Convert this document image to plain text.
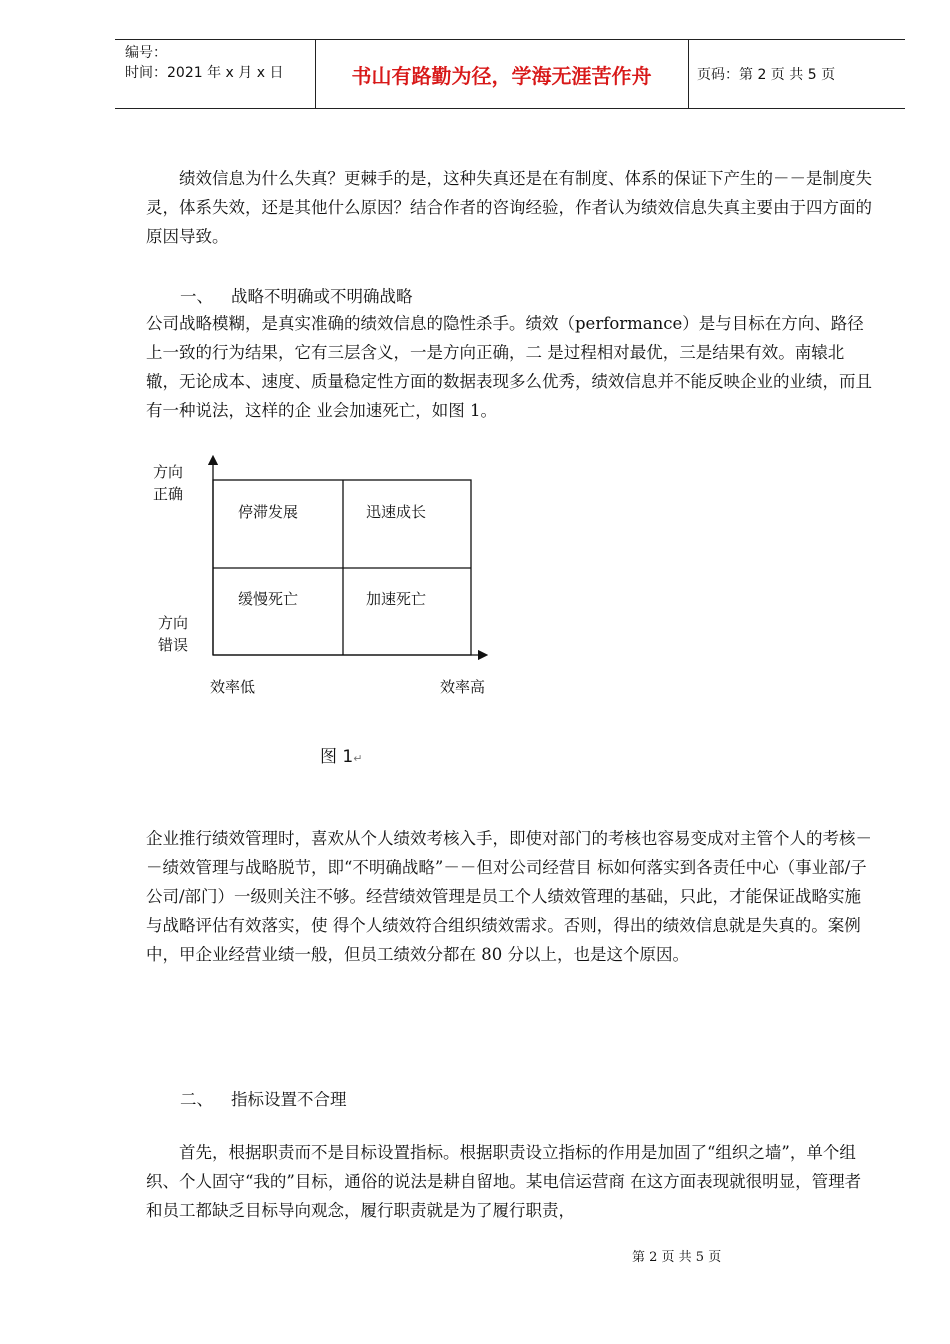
编号：
时间：2021 年 x 月 x 日	书山有路勤为径，学海无涯苦作舟	页码：第 2 页 共 5 页

绩效信息为什么失真？更棘手的是，这种失真还是在有制度、体系的保证下产生的－－是制度失灵，体系失效，还是其他什么原因？结合作者的咨询经验，作者认为绩效信息失真主要由于四方面的原因导致。

一、 战略不明确或不明确战略

公司战略模糊，是真实准确的绩效信息的隐性杀手。绩效（performance）是与目标在方向、路径上一致的行为结果，它有三层含义，一是方向正确，二 是过程相对最优，三是结果有效。南辕北辙，无论成本、速度、质量稳定性方面的数据表现多么优秀，绩效信息并不能反映企业的业绩，而且有一种说法，这样的企 业会加速死亡，如图 1。

方向
正确
方向
错误
停滞发展	迅速成长
缓慢死亡	加速死亡
效率低	效率高
图 1↵

企业推行绩效管理时，喜欢从个人绩效考核入手，即使对部门的考核也容易变成对主管个人的考核－－绩效管理与战略脱节，即“不明确战略”－－但对公司经营目 标如何落实到各责任中心（事业部/子公司/部门）一级则关注不够。经营绩效管理是员工个人绩效管理的基础，只此，才能保证战略实施与战略评估有效落实，使 得个人绩效符合组织绩效需求。否则，得出的绩效信息就是失真的。案例中，甲企业经营业绩一般，但员工绩效分都在 80 分以上，也是这个原因。

二、 指标设置不合理

首先，根据职责而不是目标设置指标。根据职责设立指标的作用是加固了“组织之墙”，单个组织、个人固守“我的”目标，通俗的说法是耕自留地。某电信运营商 在这方面表现就很明显，管理者和员工都缺乏目标导向观念，履行职责就是为了履行职责，

第 2 页 共 5 页
